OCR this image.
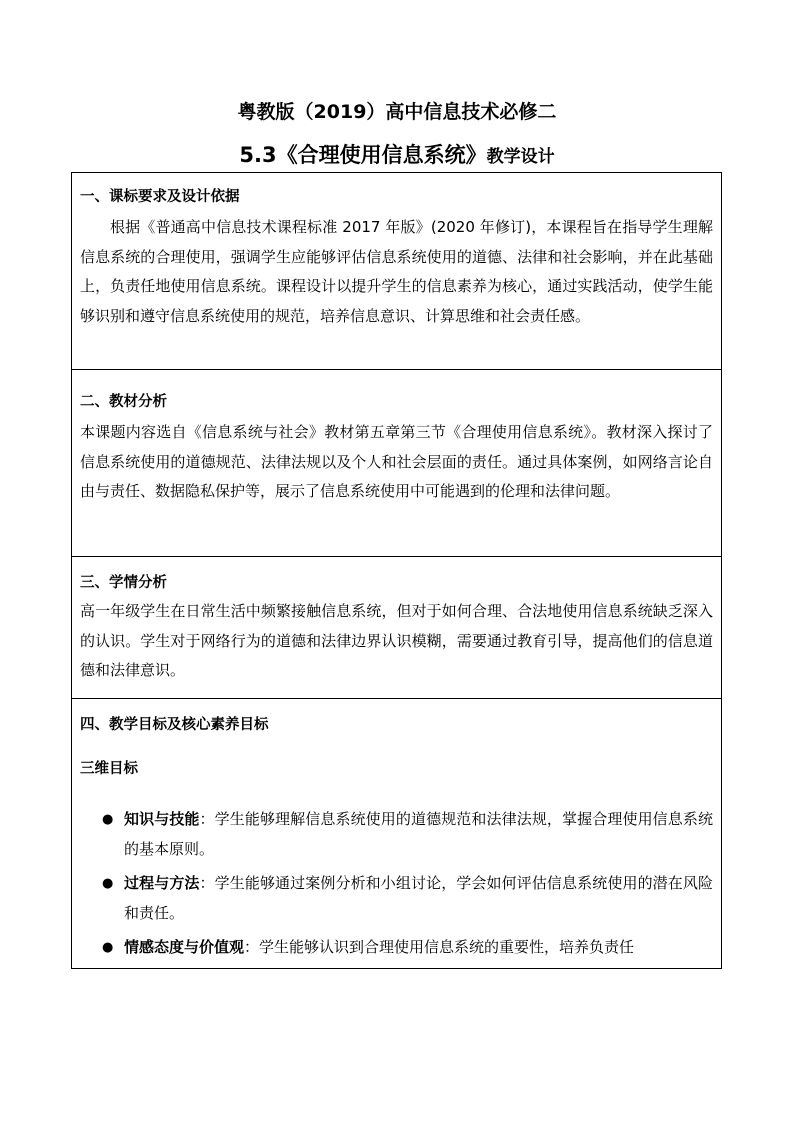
粤教版（2019）高中信息技术必修二
5.3《合理使用信息系统》教学设计
一、课标要求及设计依据

根据《普通高中信息技术课程标准 2017 年版》(2020 年修订)，本课程旨在指导学生理解信息系统的合理使用，强调学生应能够评估信息系统使用的道德、法律和社会影响，并在此基础上，负责任地使用信息系统。课程设计以提升学生的信息素养为核心，通过实践活动，使学生能够识别和遵守信息系统使用的规范，培养信息意识、计算思维和社会责任感。

二、教材分析

本课题内容选自《信息系统与社会》教材第五章第三节《合理使用信息系统》。教材深入探讨了信息系统使用的道德规范、法律法规以及个人和社会层面的责任。通过具体案例，如网络言论自由与责任、数据隐私保护等，展示了信息系统使用中可能遇到的伦理和法律问题。

三、学情分析

高一年级学生在日常生活中频繁接触信息系统，但对于如何合理、合法地使用信息系统缺乏深入的认识。学生对于网络行为的道德和法律边界认识模糊，需要通过教育引导，提高他们的信息道德和法律意识。

四、教学目标及核心素养目标
三维目标
● 知识与技能：学生能够理解信息系统使用的道德规范和法律法规，掌握合理使用信息系统的基本原则。
● 过程与方法：学生能够通过案例分析和小组讨论，学会如何评估信息系统使用的潜在风险和责任。
● 情感态度与价值观：学生能够认识到合理使用信息系统的重要性，培养负责任
